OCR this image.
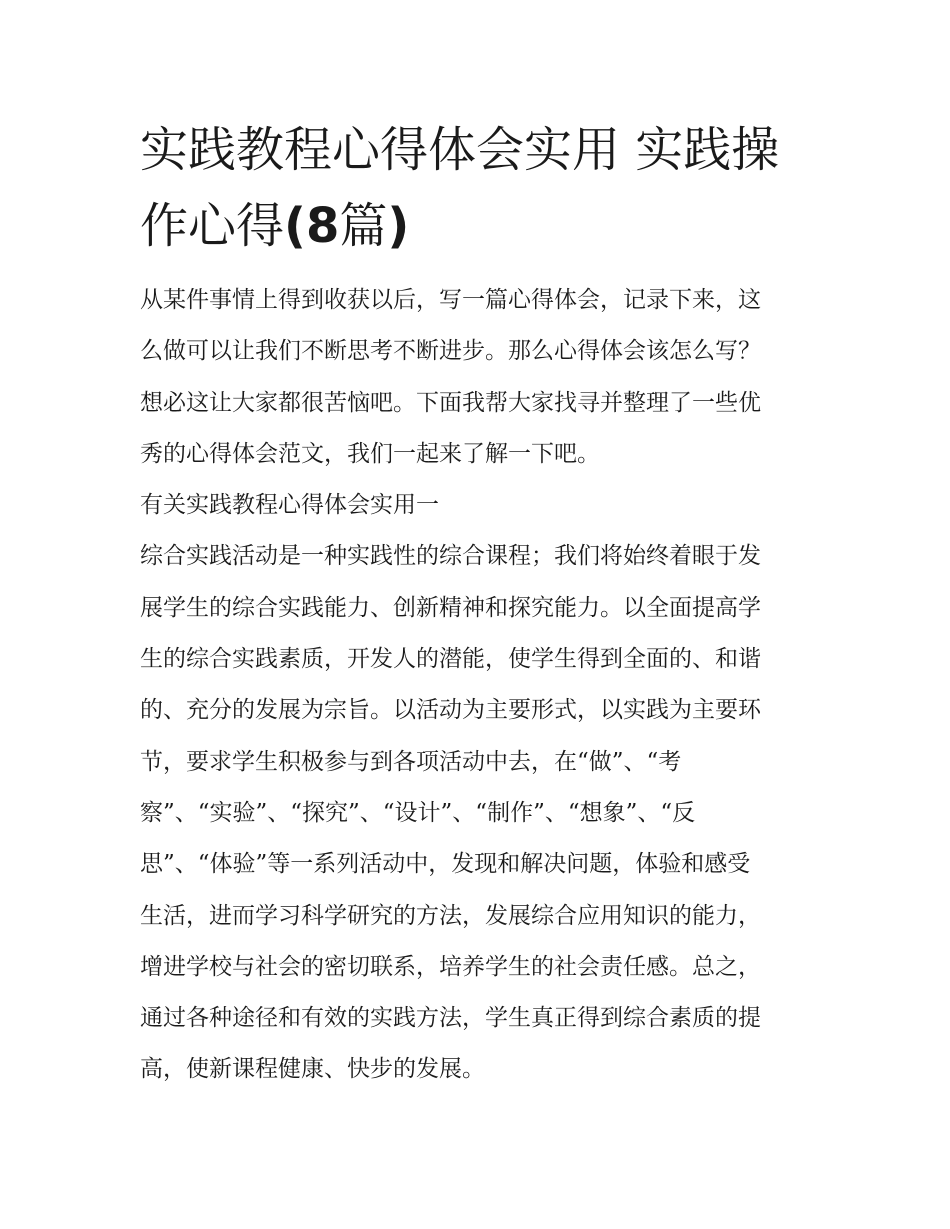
实践教程心得体会实用 实践操
作心得(8篇)
从某件事情上得到收获以后，写一篇心得体会，记录下来，这
么做可以让我们不断思考不断进步。那么心得体会该怎么写？
想必这让大家都很苦恼吧。下面我帮大家找寻并整理了一些优
秀的心得体会范文，我们一起来了解一下吧。
有关实践教程心得体会实用一
综合实践活动是一种实践性的综合课程；我们将始终着眼于发
展学生的综合实践能力、创新精神和探究能力。以全面提高学
生的综合实践素质，开发人的潜能，使学生得到全面的、和谐
的、充分的发展为宗旨。以活动为主要形式，以实践为主要环
节，要求学生积极参与到各项活动中去，在“做”、“考
察”、“实验”、“探究”、“设计”、“制作”、“想象”、“反
思”、“体验”等一系列活动中，发现和解决问题，体验和感受
生活，进而学习科学研究的方法，发展综合应用知识的能力，
增进学校与社会的密切联系，培养学生的社会责任感。总之，
通过各种途径和有效的实践方法，学生真正得到综合素质的提
高，使新课程健康、快步的发展。
